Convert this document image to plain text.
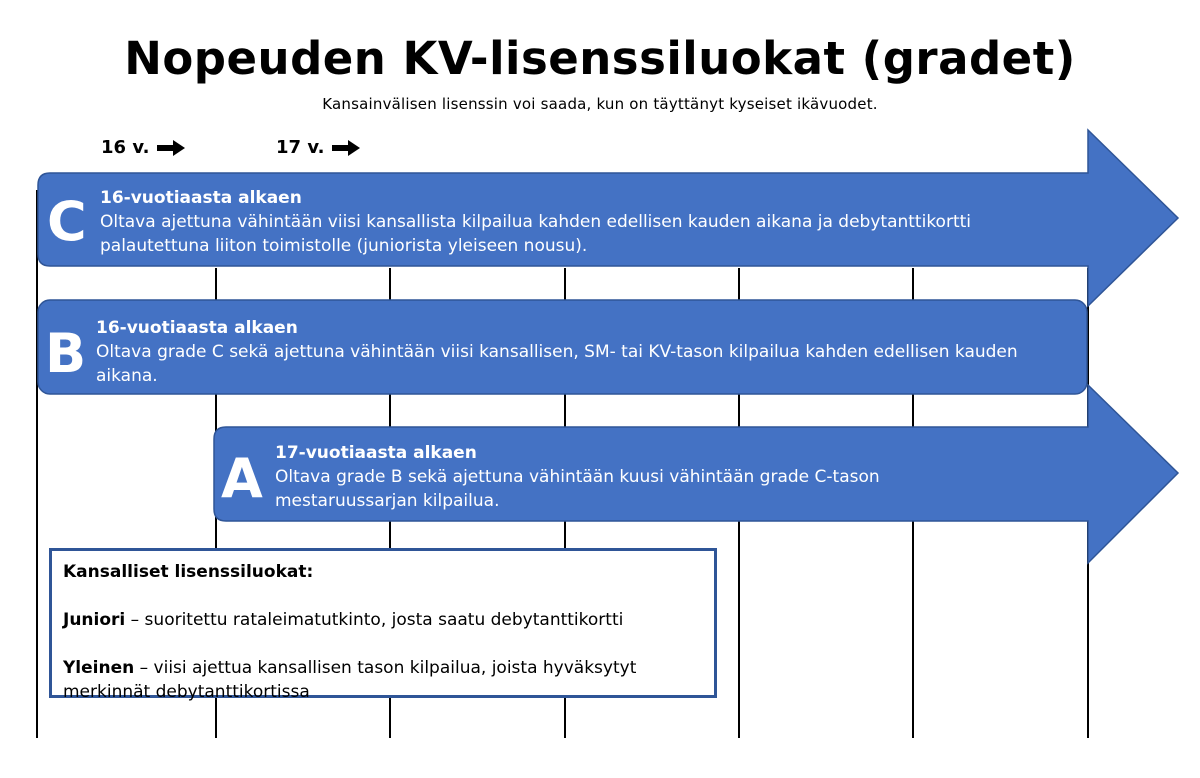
Nopeuden KV-lisenssiluokat (gradet)
Kansainvälisen lisenssin voi saada, kun on täyttänyt kyseiset ikävuodet.
16 v.	17 v.
C 16-vuotiaasta alkaen
Oltava ajettuna vähintään viisi kansallista kilpailua kahden edellisen kauden aikana ja debytanttikortti palautettuna liiton toimistolle (juniorista yleiseen nousu).
B 16-vuotiaasta alkaen
Oltava grade C sekä ajettuna vähintään viisi kansallisen, SM- tai KV-tason kilpailua kahden edellisen kauden aikana.
A 17-vuotiaasta alkaen
Oltava grade B sekä ajettuna vähintään kuusi vähintään grade C-tason mestaruussarjan kilpailua.
Kansalliset lisenssiluokat:
Juniori – suoritettu rataleimatutkinto, josta saatu debytanttikortti
Yleinen – viisi ajettua kansallisen tason kilpailua, joista hyväksytyt merkinnät debytanttikortissa
